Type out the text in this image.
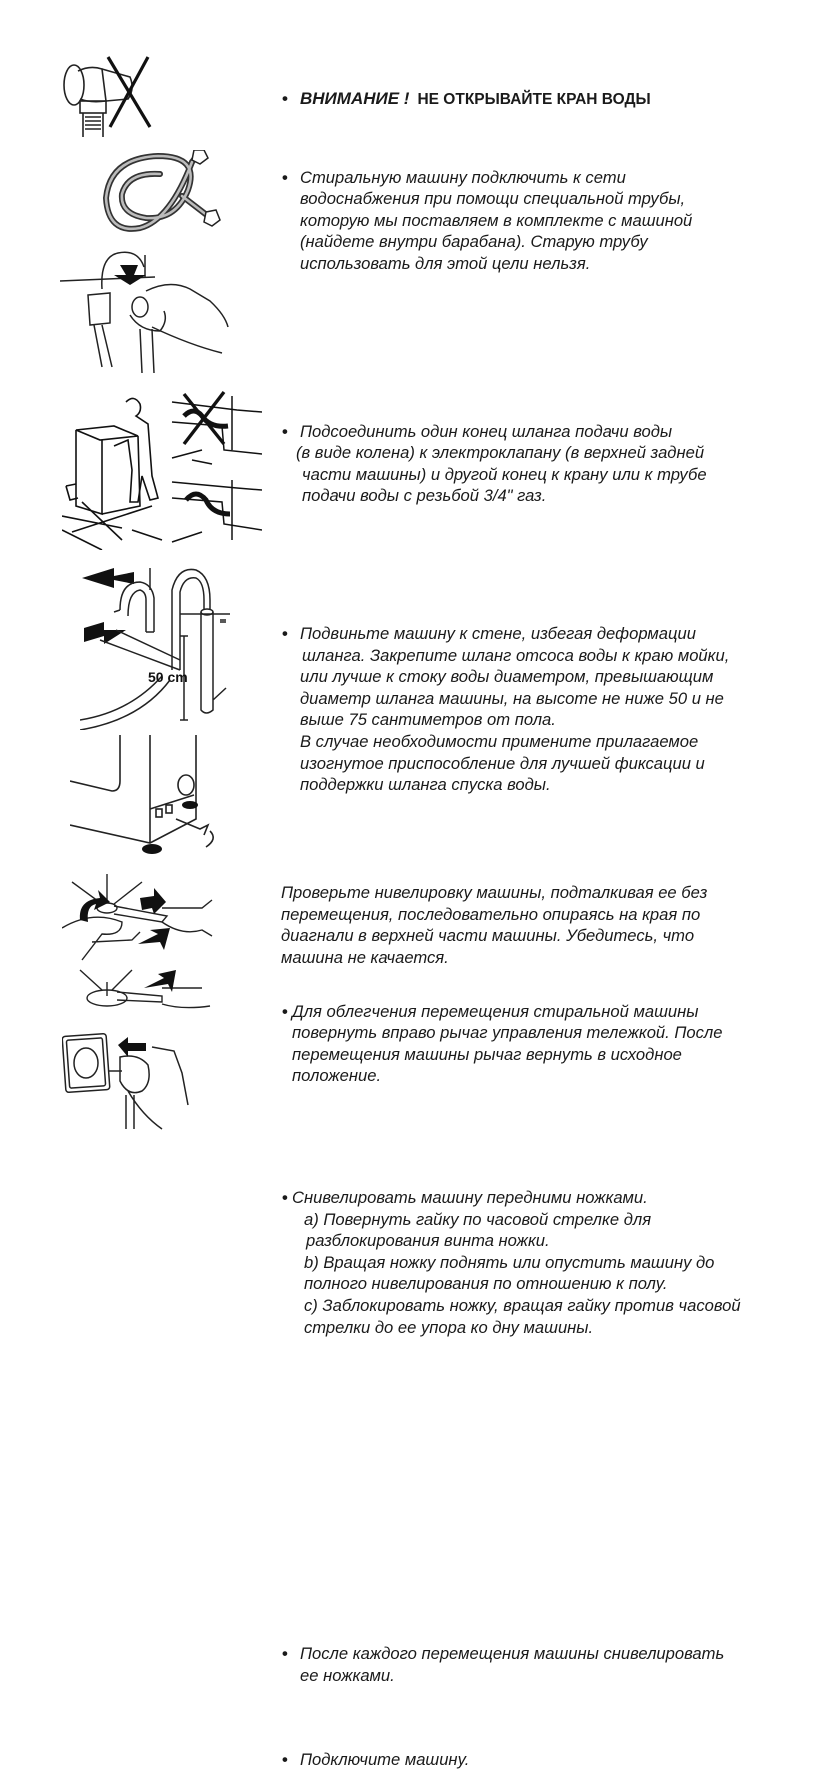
50 cm
• ВНИМАНИЕ ! НЕ ОТКРЫВАЙТЕ КРАН ВОДЫ
• Стиральную машину подключить к сети
водоснабжения при помощи специальной трубы,
которую мы поставляем в комплекте с машиной
(найдете внутри барабана). Старую трубу
использовать для этой цели нельзя.
• Подсоединить один конец шланга подачи воды
(в виде колена) к электроклапану (в верхней задней
части машины) и другой конец к крану или к трубе
подачи воды с резьбой 3/4" газ.
• Подвиньте машину к стене, избегая деформации
шланга. Закрепите шланг отсоса воды к краю мойки,
или лучше к стоку воды диаметром, превышающим
диаметр шланга машины, на высоте не ниже 50 и не
выше 75 сантиметров от пола.
В случае необходимости примените прилагаемое
изогнутое приспособление для лучшей фиксации и
поддержки шланга спуска воды.
• Для облегчения перемещения стиральной машины
повернуть вправо рычаг управления тележкой. После
перемещения машины рычаг вернуть в исходное
положение.
• Снивелировать машину передними ножками.
a) Повернуть гайку по часовой стрелке для
разблокирования винта ножки.
b) Вращая ножку поднять или опустить машину до
полного нивелирования по отношению к полу.
c) Заблокировать ножку, вращая гайку против часовой
стрелки до ее упора ко дну машины.
Проверьте нивелировку машины, подталкивая ее без
перемещения, последовательно опираясь на края по
диагнали в верхней части машины. Убедитесь, что
машина не качается.
• После каждого перемещения машины снивелировать
ее ножками.
• Подключите машину.
